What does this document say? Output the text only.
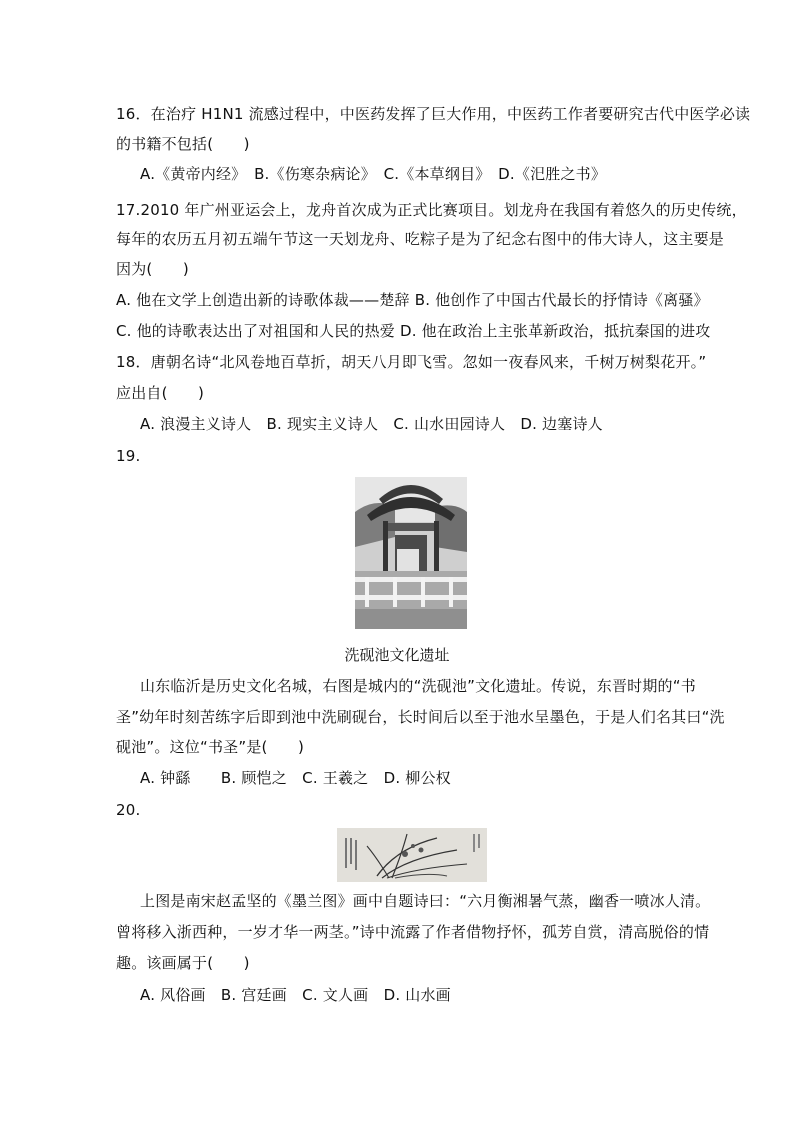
16．在治疗 H1N1 流感过程中，中医药发挥了巨大作用，中医药工作者要研究古代中医学必读
的书籍不包括(　　)
A.《黄帝内经》　B.《伤寒杂病论》　C.《本草纲目》　D.《汜胜之书》
17.2010 年广州亚运会上，龙舟首次成为正式比赛项目。划龙舟在我国有着悠久的历史传统，
每年的农历五月初五端午节这一天划龙舟、吃粽子是为了纪念右图中的伟大诗人，这主要是
因为(　　)
A. 他在文学上创造出新的诗歌体裁——楚辞 B. 他创作了中国古代最长的抒情诗《离骚》
C. 他的诗歌表达出了对祖国和人民的热爱 D. 他在政治上主张革新政治，抵抗秦国的进攻
18．唐朝名诗“北风卷地百草折，胡天八月即飞雪。忽如一夜春风来，千树万树梨花开。”
应出自(　　)
A. 浪漫主义诗人　B. 现实主义诗人　C. 山水田园诗人　D. 边塞诗人
19.
洗砚池文化遗址
山东临沂是历史文化名城，右图是城内的“洗砚池”文化遗址。传说，东晋时期的“书
圣”幼年时刻苦练字后即到池中洗刷砚台，长时间后以至于池水呈墨色，于是人们名其曰“洗
砚池”。这位“书圣”是(　　)
A. 钟繇　　B. 顾恺之　C. 王羲之　D. 柳公权
20.
上图是南宋赵孟坚的《墨兰图》画中自题诗曰：“六月衡湘暑气蒸，幽香一喷冰人清。
曾将移入浙西种，一岁才华一两茎。”诗中流露了作者借物抒怀，孤芳自赏，清高脱俗的情
趣。该画属于(　　)
A. 风俗画　B. 宫廷画　C. 文人画　D. 山水画
